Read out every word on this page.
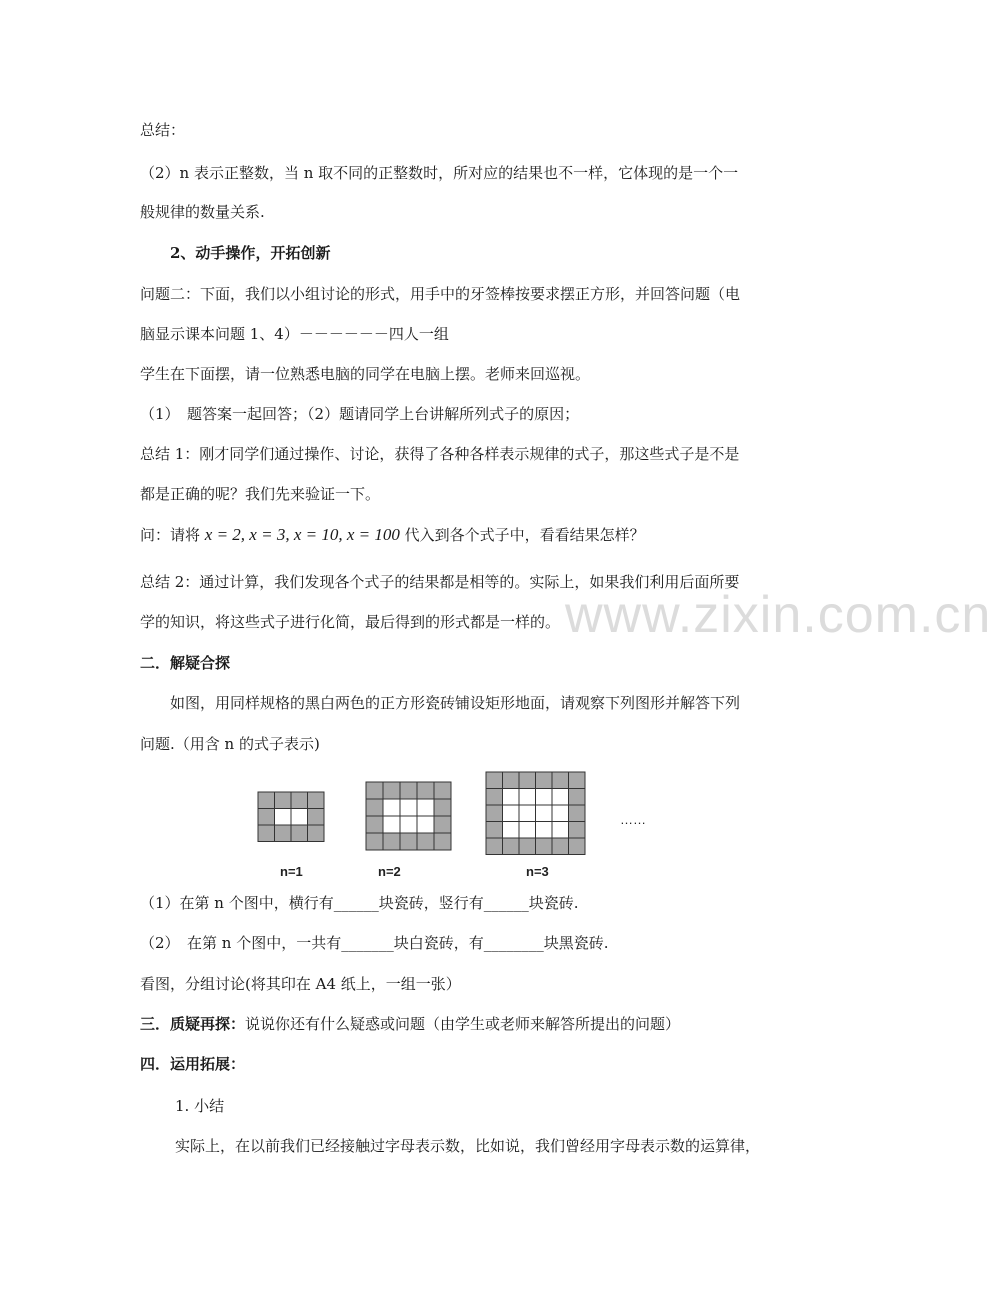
www.zixin.com.cn
总结：
（2）n 表示正整数，当 n 取不同的正整数时，所对应的结果也不一样，它体现的是一个一
般规律的数量关系.
2、动手操作，开拓创新
问题二：下面，我们以小组讨论的形式，用手中的牙签棒按要求摆正方形，并回答问题（电
脑显示课本问题 1、4）－－－－－－四人一组
学生在下面摆，请一位熟悉电脑的同学在电脑上摆。老师来回巡视。
（1）　题答案一起回答；（2）题请同学上台讲解所列式子的原因；
总结 1：刚才同学们通过操作、讨论，获得了各种各样表示规律的式子，那这些式子是不是
都是正确的呢？我们先来验证一下。
问：请将 x = 2, x = 3, x = 10, x = 100 代入到各个式子中，看看结果怎样？
总结 2：通过计算，我们发现各个式子的结果都是相等的。实际上，如果我们利用后面所要
学的知识，将这些式子进行化简，最后得到的形式都是一样的。
二．解疑合探
如图，用同样规格的黑白两色的正方形瓷砖铺设矩形地面，请观察下列图形并解答下列
问题.（用含 n 的式子表示)
n=1	n=2	n=3
……
（1）在第 n 个图中，横行有______块瓷砖，竖行有______块瓷砖.
（2）　在第 n 个图中，一共有_______块白瓷砖，有________块黑瓷砖.
看图，分组讨论(将其印在 A4 纸上，一组一张）
三．质疑再探：说说你还有什么疑惑或问题（由学生或老师来解答所提出的问题）
四．运用拓展：
1. 小结
实际上，在以前我们已经接触过字母表示数，比如说，我们曾经用字母表示数的运算律，
